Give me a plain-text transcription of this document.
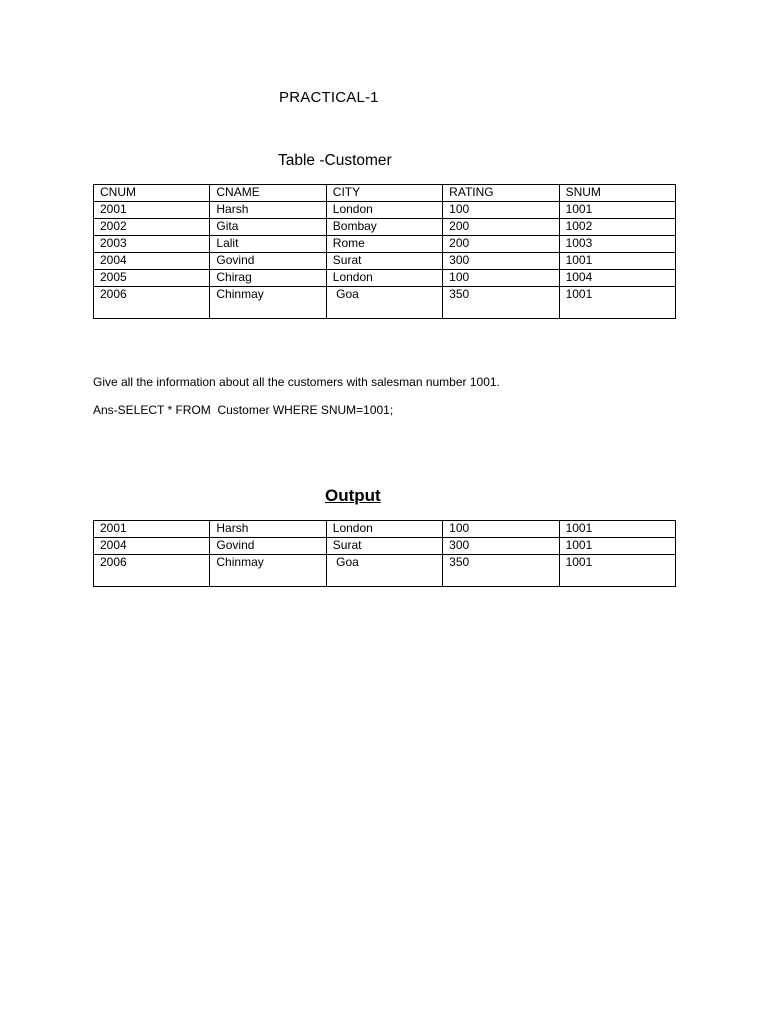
PRACTICAL-1
Table -Customer
CNUM	CNAME	CITY	RATING	SNUM
2001	Harsh	London	100	1001
2002	Gita	Bombay	200	1002
2003	Lalit	Rome	200	1003
2004	Govind	Surat	300	1001
2005	Chirag	London	100	1004
2006	Chinmay	Goa	350	1001
Give all the information about all the customers with salesman number 1001.
Ans-SELECT * FROM  Customer WHERE SNUM=1001;
Output
2001	Harsh	London	100	1001
2004	Govind	Surat	300	1001
2006	Chinmay	Goa	350	1001
